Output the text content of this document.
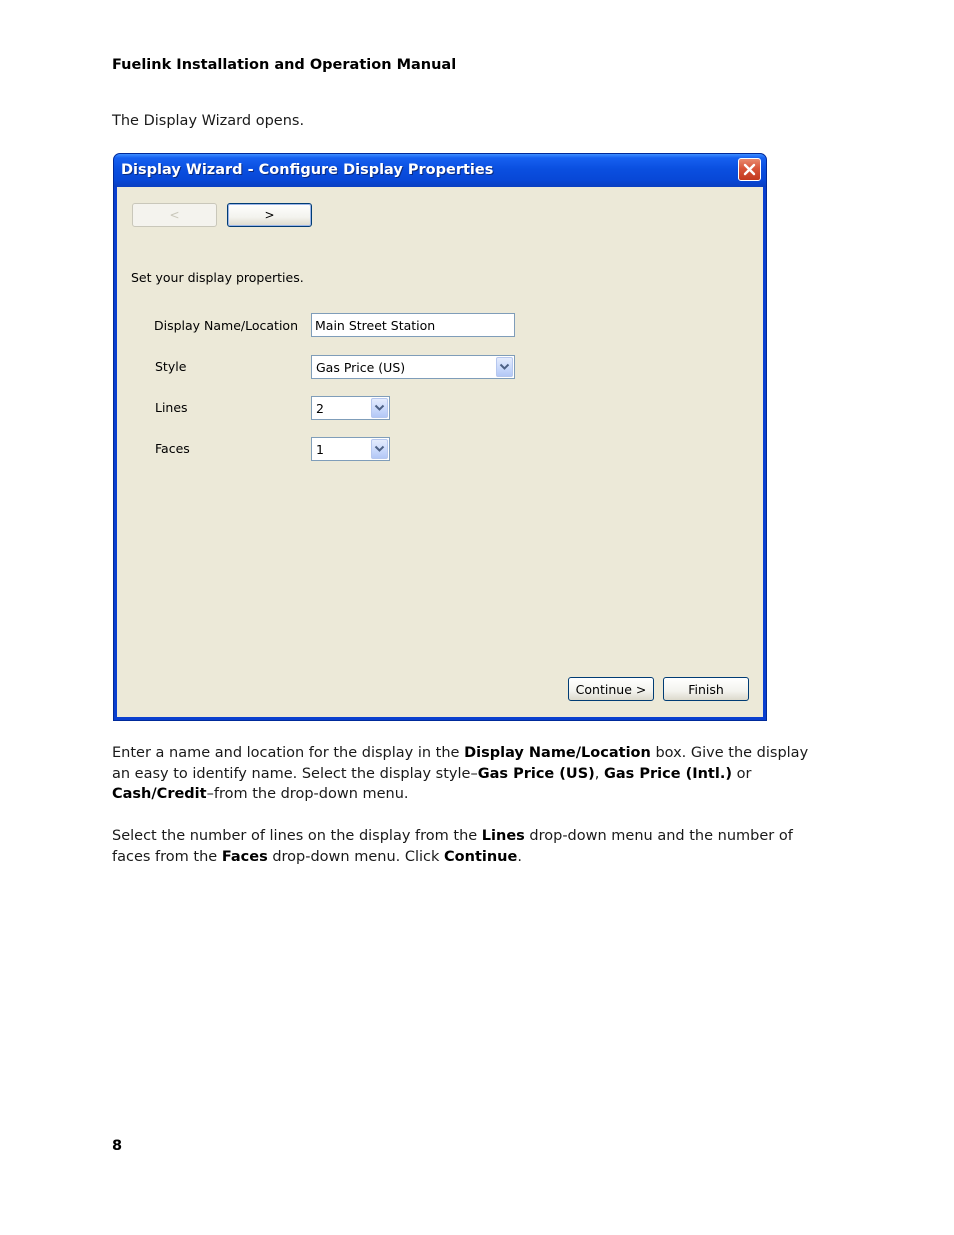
Fuelink Installation and Operation Manual
The Display Wizard opens.
Display Wizard - Configure Display Properties
<	>
Set your display properties.
Display Name/Location
Main Street Station
Style	Gas Price (US)
Lines	2
Faces	1
Continue >	Finish
Enter a name and location for the display in the Display Name/Location box. Give the display an easy to identify name. Select the display style–Gas Price (US), Gas Price (Intl.) or Cash/Credit–from the drop-down menu.
Select the number of lines on the display from the Lines drop-down menu and the number of faces from the Faces drop-down menu. Click Continue.
8
